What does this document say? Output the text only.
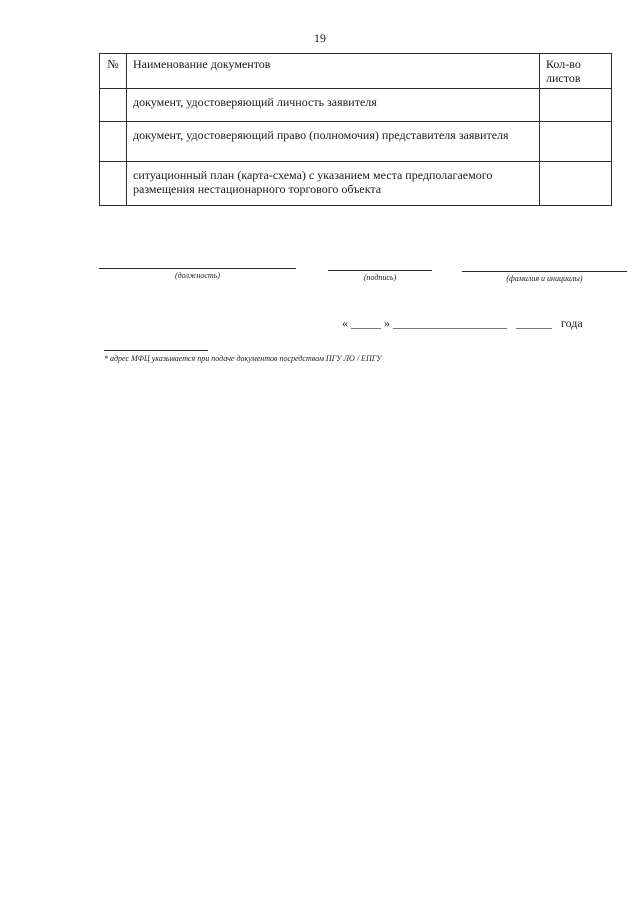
19
№	Наименование документов	Кол-во листов
	документ, удостоверяющий личность заявителя	
	документ, удостоверяющий право (полномочия) представителя заявителя	
	ситуационный план (карта-схема) с указанием места предполагаемого размещения нестационарного торгового объекта	
(должность)	(подпись)	(фамилия и инициалы)
« _____ » ___________________ ______ года
* адрес МФЦ указывается при подаче документов посредством ПГУ ЛО / ЕПГУ
